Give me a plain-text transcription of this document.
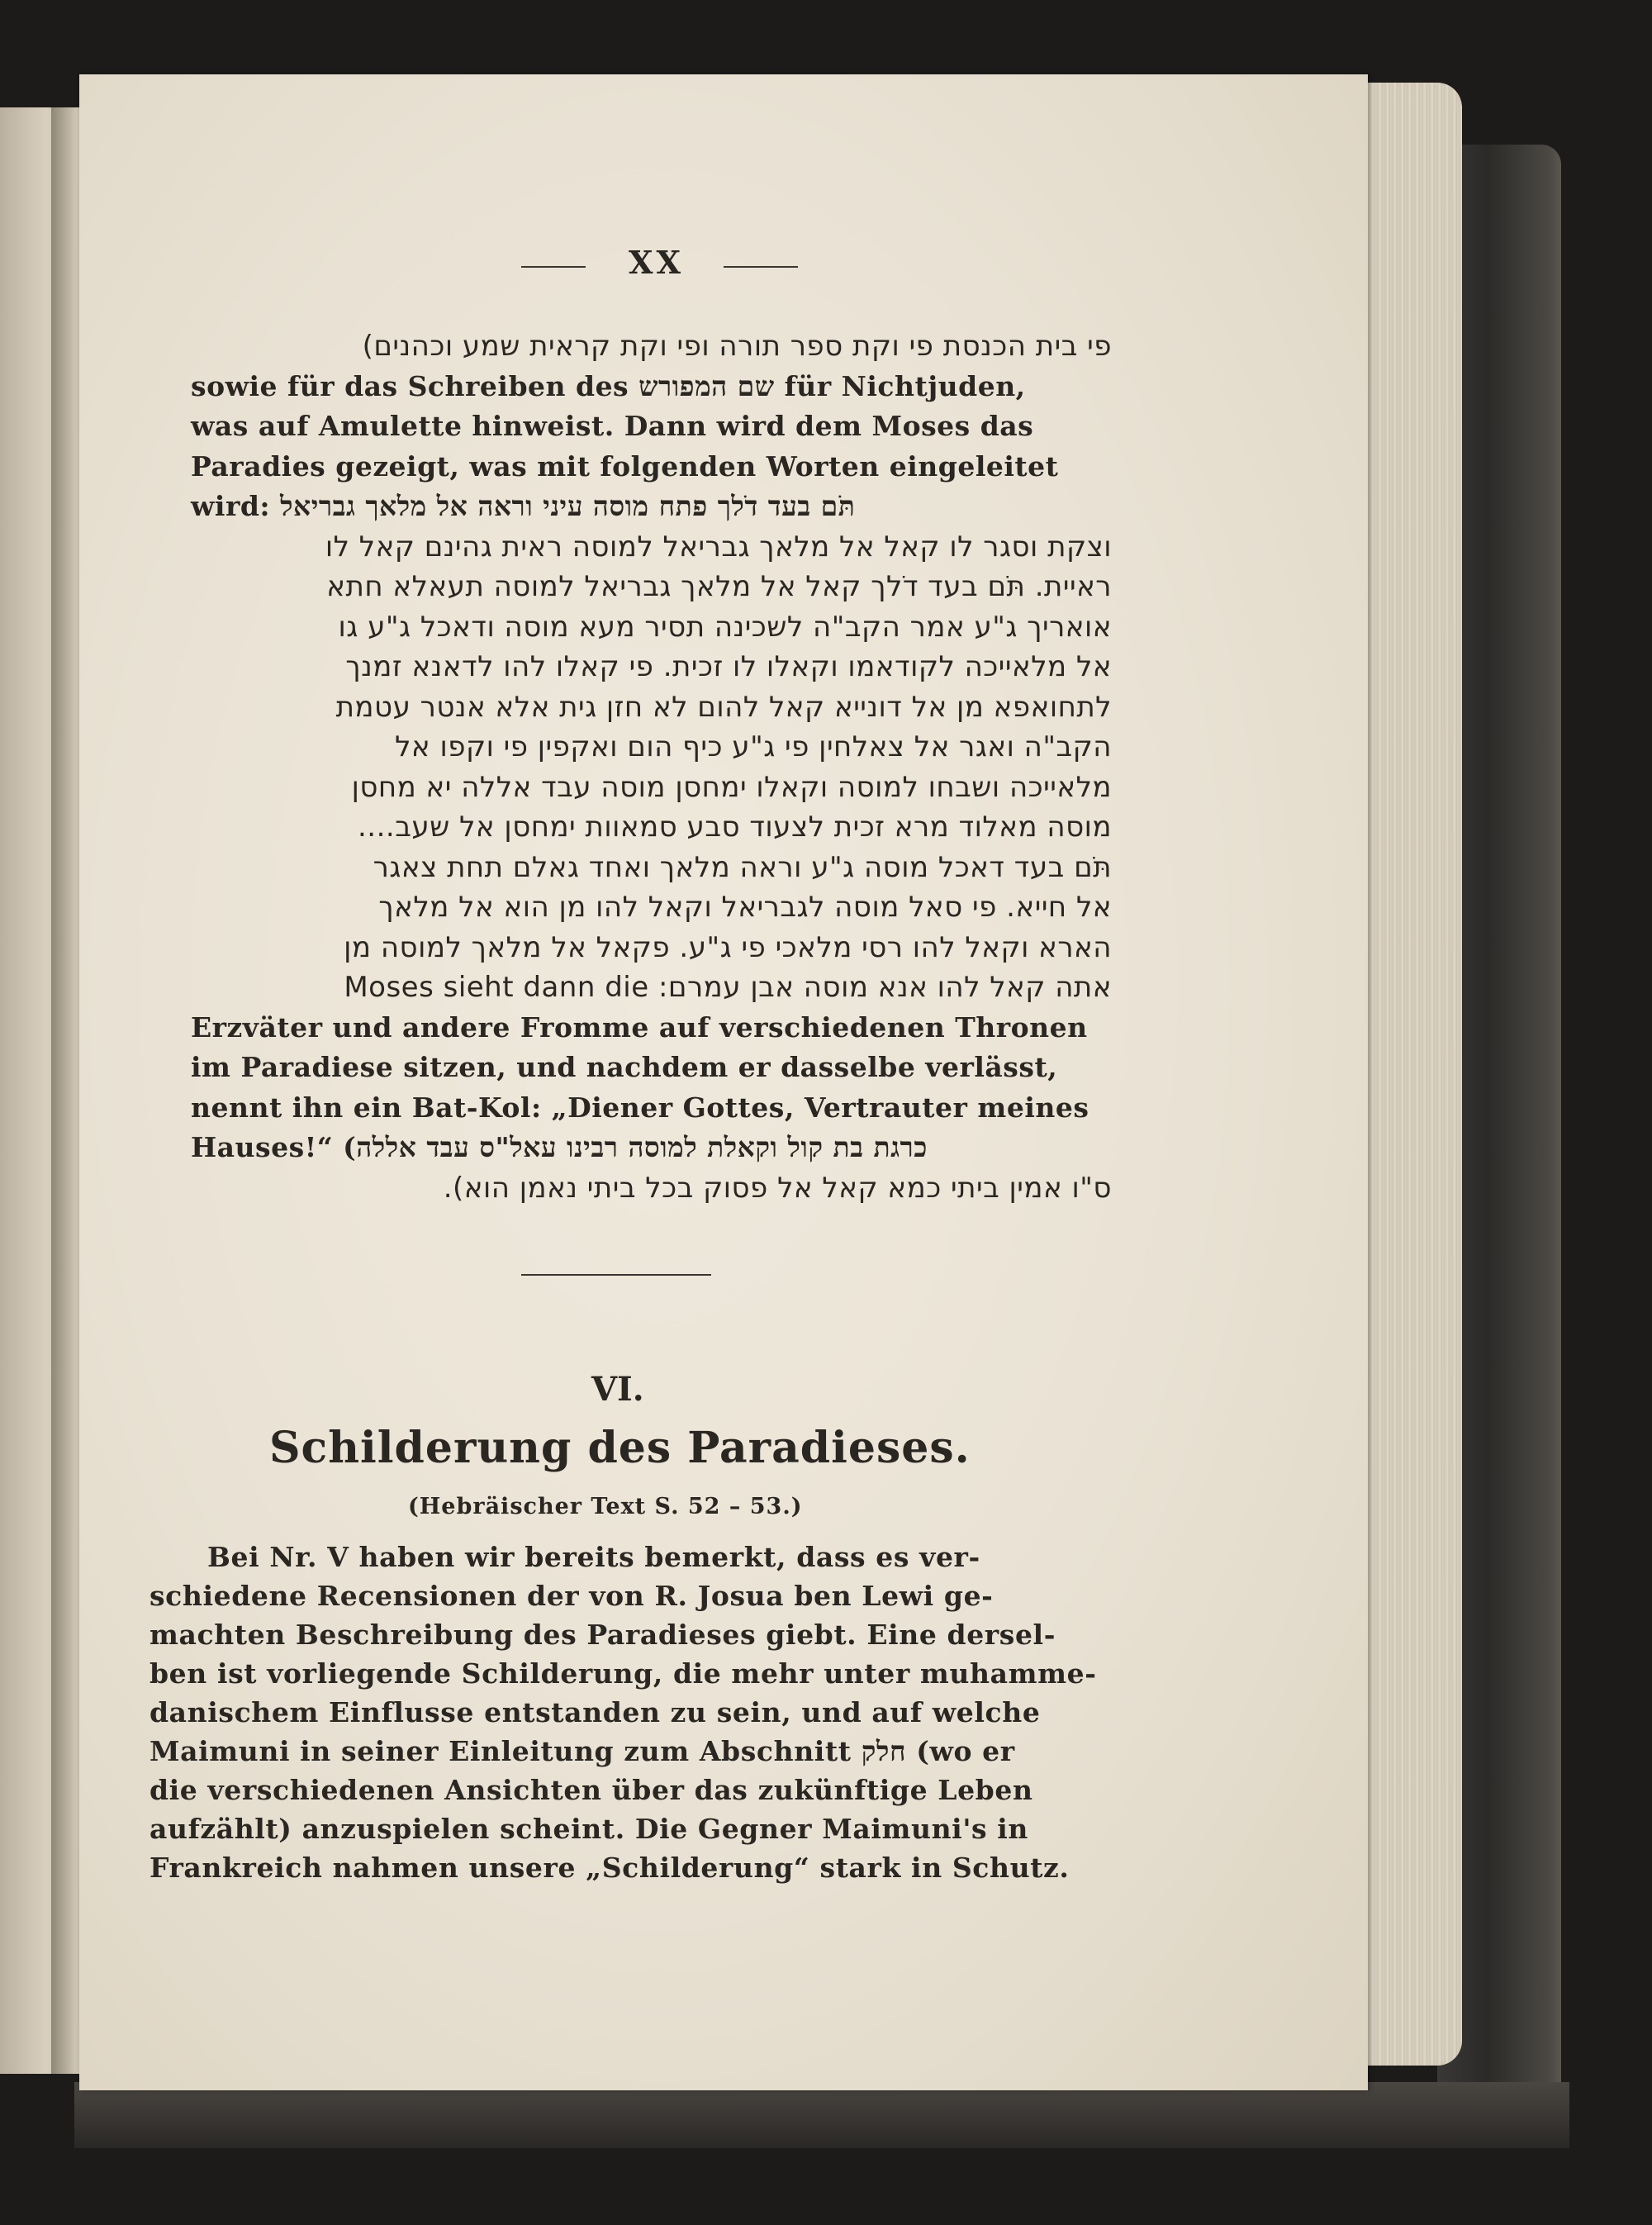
XX
פי בית הכנסת פי וקת ספר תורה ופי וקת קראית שמע וכהנים)
sowie für das Schreiben des שם המפורש für Nichtjuden,
was auf Amulette hinweist. Dann wird dem Moses das
Paradies gezeigt, was mit folgenden Worten eingeleitet
wird: תֹּם בעד דֹלך פתח מוסה עיני וראה אל מלאך גבריאל
וצקת וסגר לו קאל אל מלאך גבריאל למוסה ראית גהינם קאל לו
ראיית. תֹּם בעד דֹלך קאל אל מלאך גבריאל למוסה תעאלא חתא
אואריך ג"ע אמר הקב"ה לשכינה תסיר מעא מוסה ודאכל ג"ע גו
אל מלאייכה לקודאמו וקאלו לו זכית. פי קאלו להו לדאנא זמנך
לתחואפא מן אל דונייא קאל להום לא חזן גית אלא אנטר עטמת
הקב"ה ואגר אל צאלחין פי ג"ע כיף הום ואקפין פי וקפו אל
מלאייכה ושבחו למוסה וקאלו ימחסן מוסה עבד אללה יא מחסן
מוסה מאלוד מרא זכית לצעוד סבע סמאוות ימחסן אל שעב....
תֹּם בעד דאכל מוסה ג"ע וראה מלאך ואחד גאלם תחת צאגר
אל חייא. פי סאל מוסה לגבריאל וקאל להו מן הוא אל מלאך
הארא וקאל להו רסי מלאכי פי ג"ע. פקאל אל מלאך למוסה מן
אתה קאל להו אנא מוסה אבן עמרם: Moses sieht dann die
Erzväter und andere Fromme auf verschiedenen Thronen
im Paradiese sitzen, und nachdem er dasselbe verlässt,
nennt ihn ein Bat-Kol: „Diener Gottes, Vertrauter meines
Hauses!“ (כרגת בת קול וקאלת למוסה רבינו עאל"ס עבד אללה
ס"ו אמין ביתי כמא קאל אל פסוק בכל ביתי נאמן הוא).
VI.
Schilderung des Paradieses.
(Hebräischer Text S. 52 – 53.)
Bei Nr. V haben wir bereits bemerkt, dass es ver-
schiedene Recensionen der von R. Josua ben Lewi ge-
machten Beschreibung des Paradieses giebt. Eine dersel-
ben ist vorliegende Schilderung, die mehr unter muhamme-
danischem Einflusse entstanden zu sein, und auf welche
Maimuni in seiner Einleitung zum Abschnitt חלק (wo er
die verschiedenen Ansichten über das zukünftige Leben
aufzählt) anzuspielen scheint. Die Gegner Maimuni's in
Frankreich nahmen unsere „Schilderung“ stark in Schutz.
